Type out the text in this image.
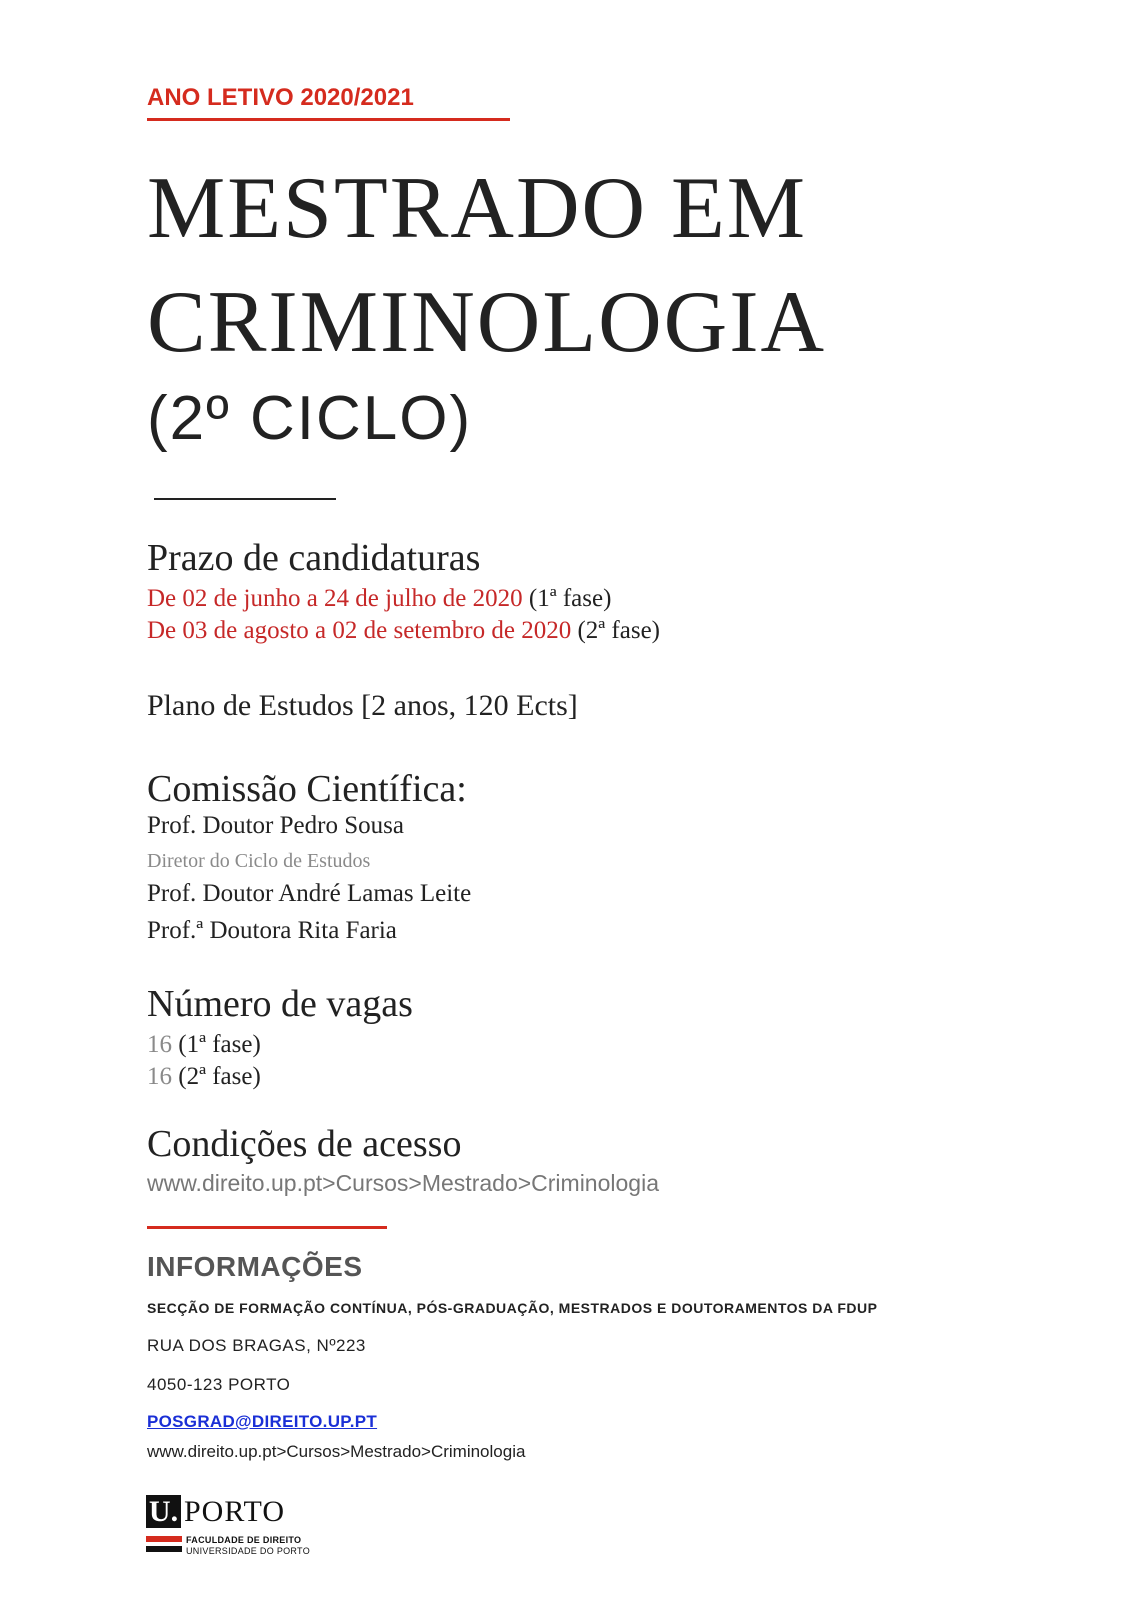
ANO LETIVO 2020/2021
MESTRADO EM
CRIMINOLOGIA
(2º CICLO)
Prazo de candidaturas
De 02 de junho a 24 de julho de 2020 (1ª fase)
De 03 de agosto a 02 de setembro de 2020 (2ª fase)
Plano de Estudos [2 anos, 120 Ects]
Comissão Científica:
Prof. Doutor Pedro Sousa
Diretor do Ciclo de Estudos
Prof. Doutor André Lamas Leite
Prof.ª Doutora Rita Faria
Número de vagas
16 (1ª fase)
16 (2ª fase)
Condições de acesso
www.direito.up.pt>Cursos>Mestrado>Criminologia
INFORMAÇÕES
SECÇÃO DE FORMAÇÃO CONTÍNUA, PÓS-GRADUAÇÃO, MESTRADOS E DOUTORAMENTOS DA FDUP
RUA DOS BRAGAS, Nº223
4050-123 PORTO
POSGRAD@DIREITO.UP.PT
www.direito.up.pt>Cursos>Mestrado>Criminologia
U. PORTO
FACULDADE DE DIREITO
UNIVERSIDADE DO PORTO
